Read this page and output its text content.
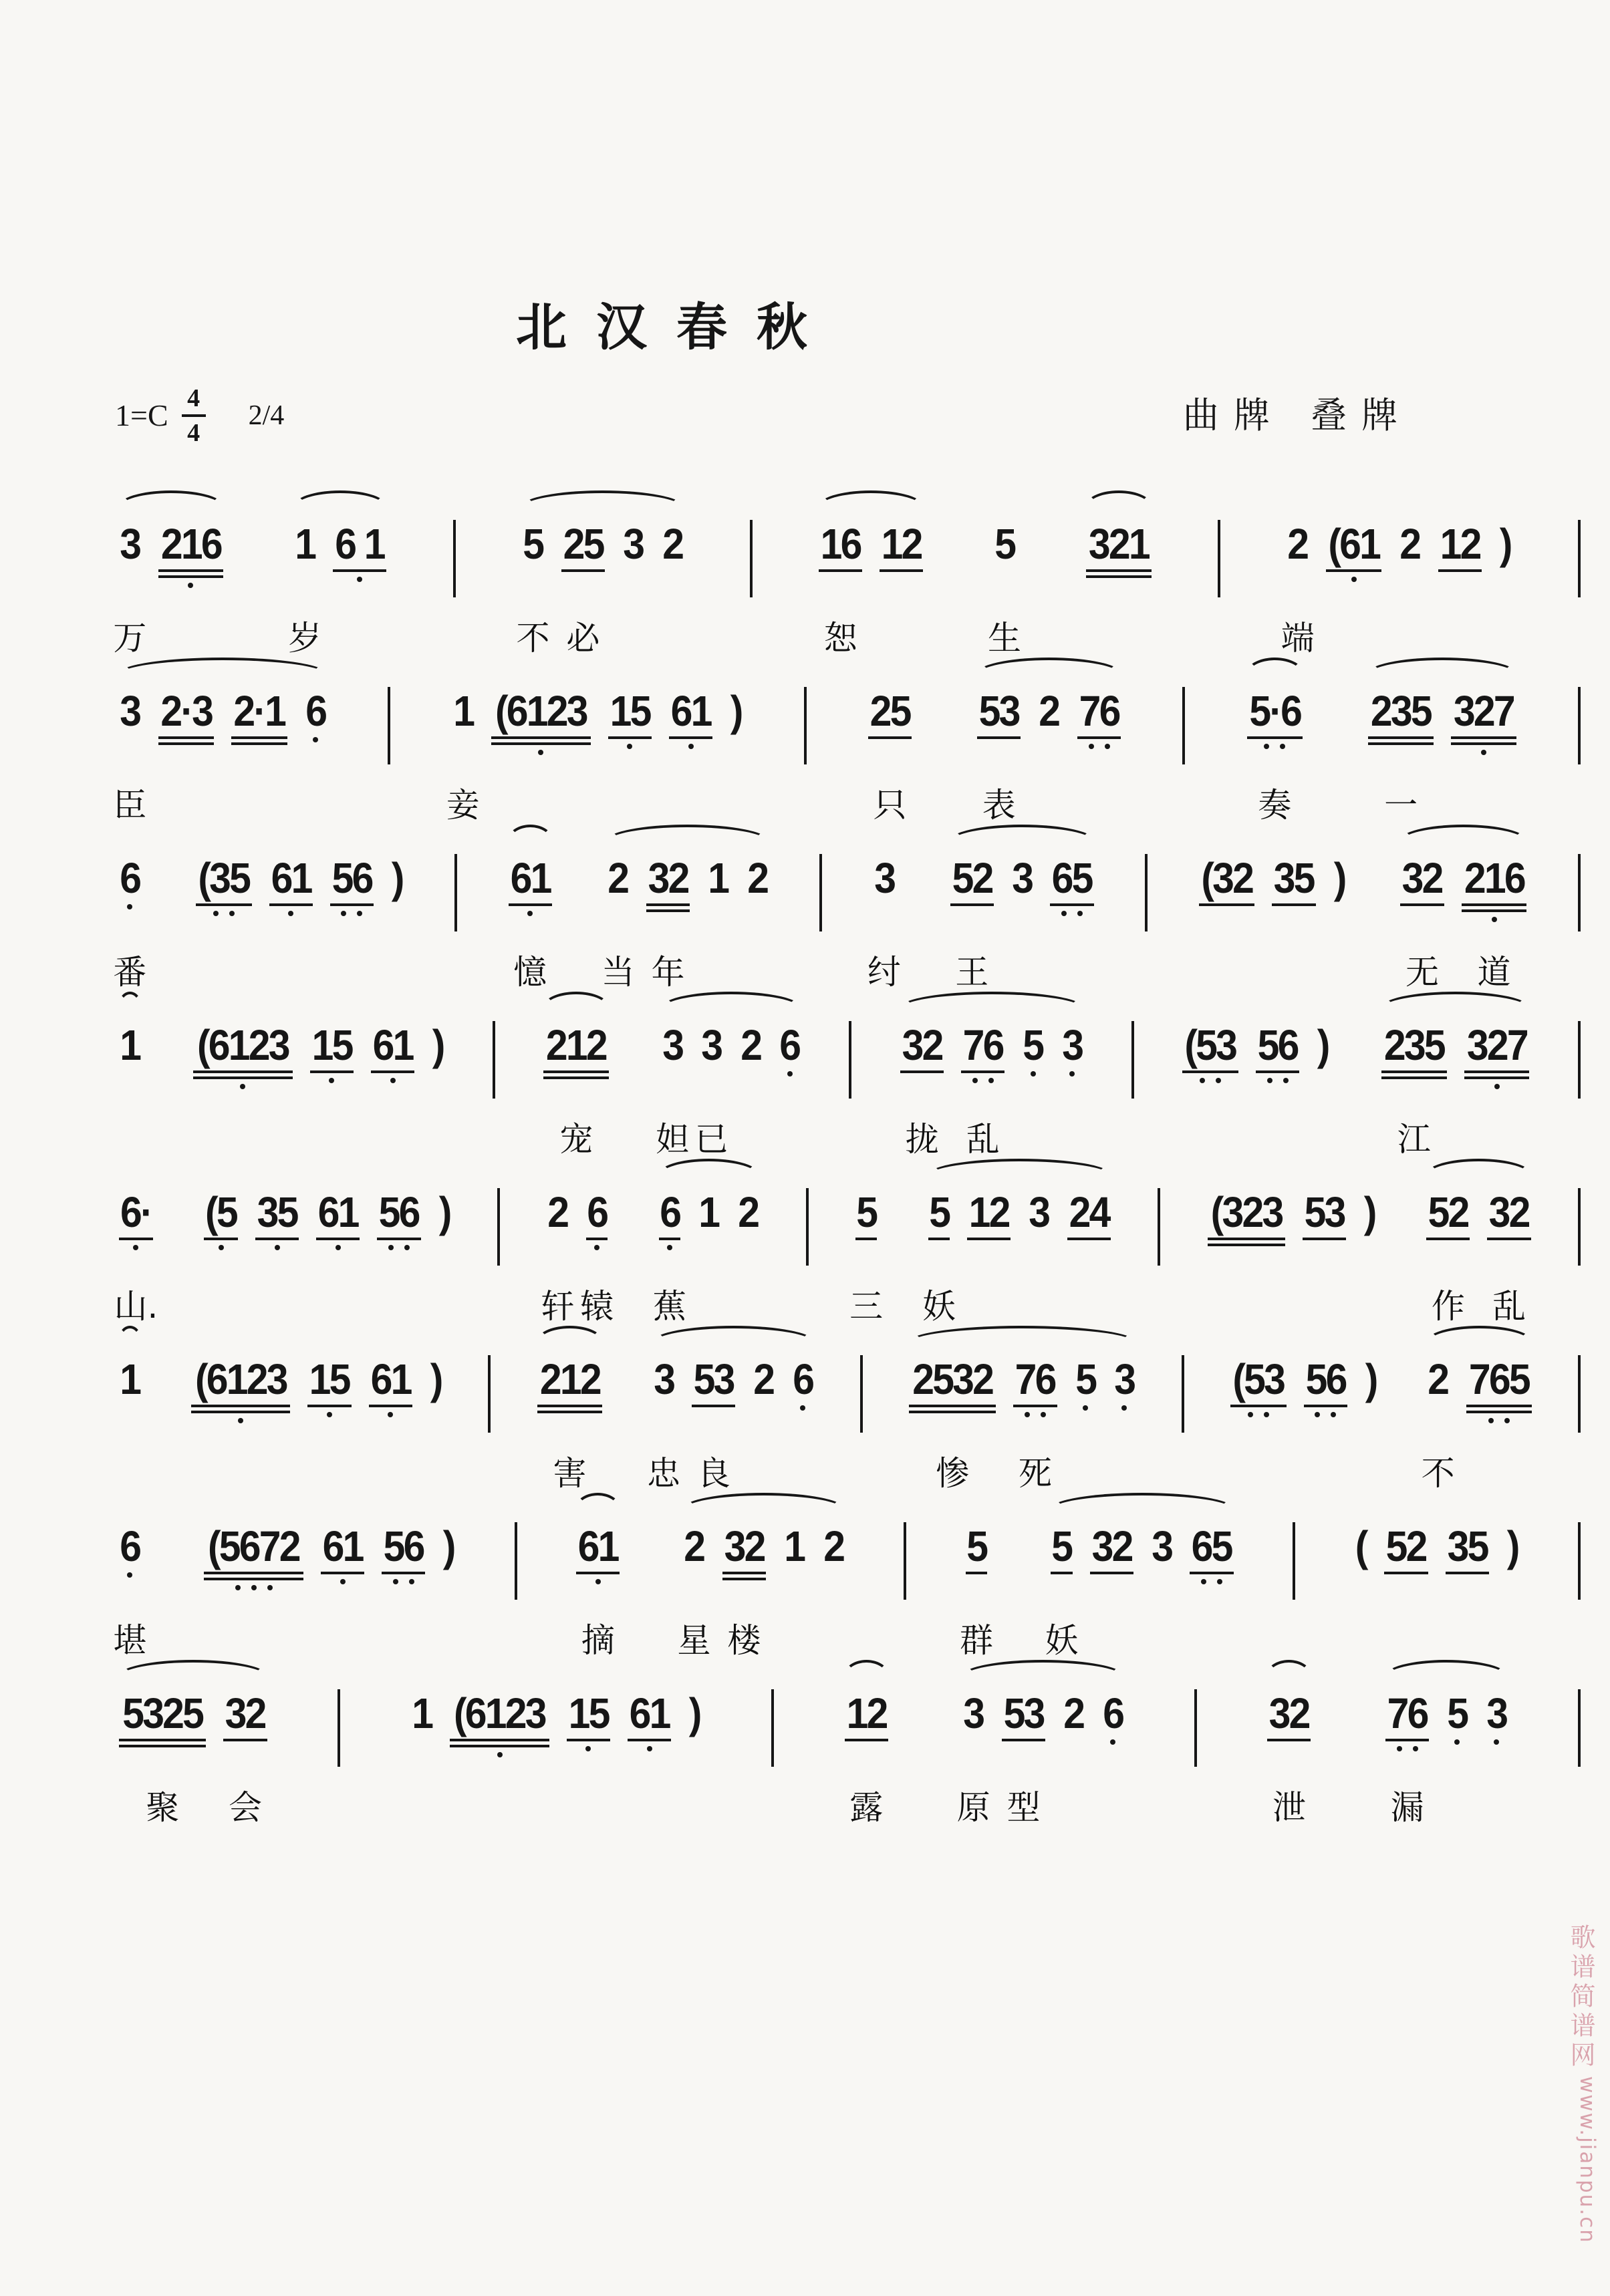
北汉春秋
$1=C \frac{4}{4} 2/4$	曲牌 叠牌
3
万
216 1
岁
6 1	5
不
25
必
3 2	16
恕
12 5
生
321	2
端
(61 2 12 )
3
臣
2·3 2·1 6	1
妾
(6123 15 61 )	25
只
53
表
2 76	5·6
奏
235
一
327
6
番
(35 61 56 )	61
憶
2
当
32
年
1 2 3
纣
52
王
3 65	(32 35 ) 32
无
216
道
1 (6123 15 61 ) 212
宠
3
妲
3
已
2 6 32
拢
76
乱
5 3 (53 56 ) 235
江
327
6·
山.
(5 35 61 56 ) 2
轩
6
辕
6
蕉
1 2 5
三
5
妖
12 3 24 (323 53 ) 52
作
32
乱
1 (6123 15 61 ) 212
害
3
忠
53
良
2 6 2532
惨
76
死
5 3 (53 56 ) 2
不
765
6
堪
(5672 61 56 )	61
摘
2
星
32
楼
1 2	5
群
5
妖
32 3 65	( 52 35 )
5325
聚
32
会
1 (6123 15 61 )	12
露
3
原
53
型
2 6	32
泄
76
漏
5 3
歌谱简谱网
www.jianpu.cn
